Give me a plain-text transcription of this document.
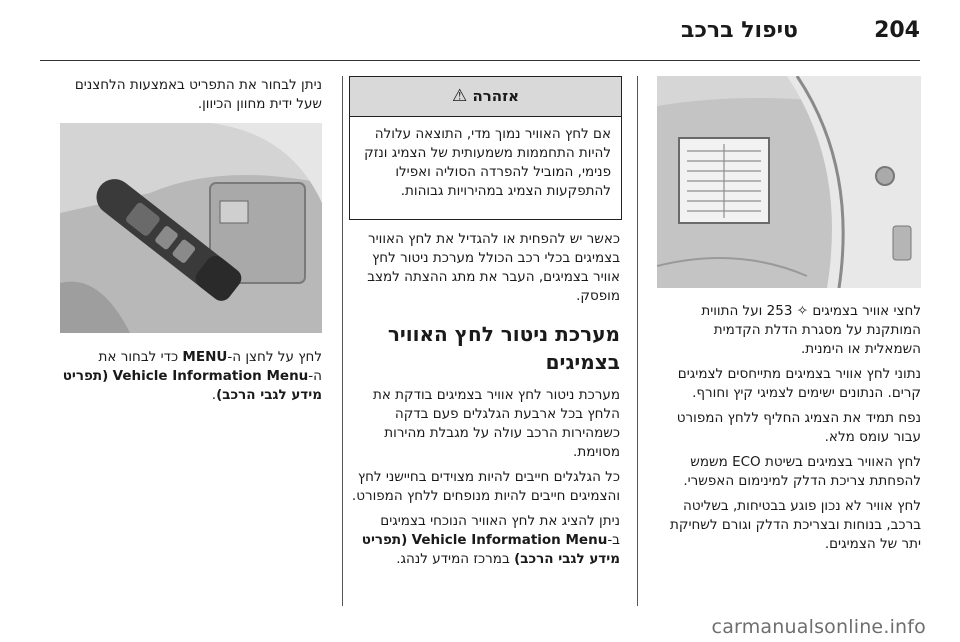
טיפול ברכב	204

לחצי אוויר בצמיגים ✧ 253 ועל התווית המותקנת על מסגרת הדלת הקדמית השמאלית או הימנית.

נתוני לחץ אוויר בצמיגים מתייחסים לצמיגים קרים. הנתונים ישימים לצמיגי קיץ וחורף.

נפח תמיד את הצמיג החליף ללחץ המפורט עבור עומס מלא.

לחץ האוויר בצמיגים בשיטת ECO משמש להפחתת צריכת הדלק למינימום האפשרי.

לחץ אוויר לא נכון פוגע בבטיחות, בשליטה ברכב, בנוחות ובצריכת הדלק וגורם לשחיקת יתר של הצמיגים.

אזהרה ⚠
אם לחץ האוויר נמוך מדי, התוצאה עלולה להיות התחממות משמעותית של הצמיג ונזק פנימי, המוביל להפרדה הסוליה ואפילו להתפקעות הצמיג במהירויות גבוהות.

כאשר יש להפחית או להגדיל את לחץ האוויר בצמיגים בכלי רכב הכולל מערכת ניטור לחץ אוויר בצמיגים, העבר את מתג ההצתה למצב מופסק.

מערכת ניטור לחץ האוויר בצמיגים

מערכת ניטור לחץ אוויר בצמיגים בודקת את הלחץ בכל ארבעת הגלגלים פעם בדקה כשמהירות הרכב עולה על מגבלת מהירות מסוימת.

כל הגלגלים חייבים להיות מצוידים בחיישני לחץ והצמיגים חייבים להיות מנופחים ללחץ המפורט.

ניתן להציג את לחץ האוויר הנוכחי בצמיגים ב-Vehicle Information Menu (תפריט מידע לגבי הרכב) במרכז המידע לנהג.

ניתן לבחור את התפריט באמצעות הלחצנים שעל ידית מחוון הכיוון.

לחץ על לחצן ה-MENU כדי לבחור את ה-Vehicle Information Menu (תפריט מידע לגבי הרכב).

carmanualsonline.info
